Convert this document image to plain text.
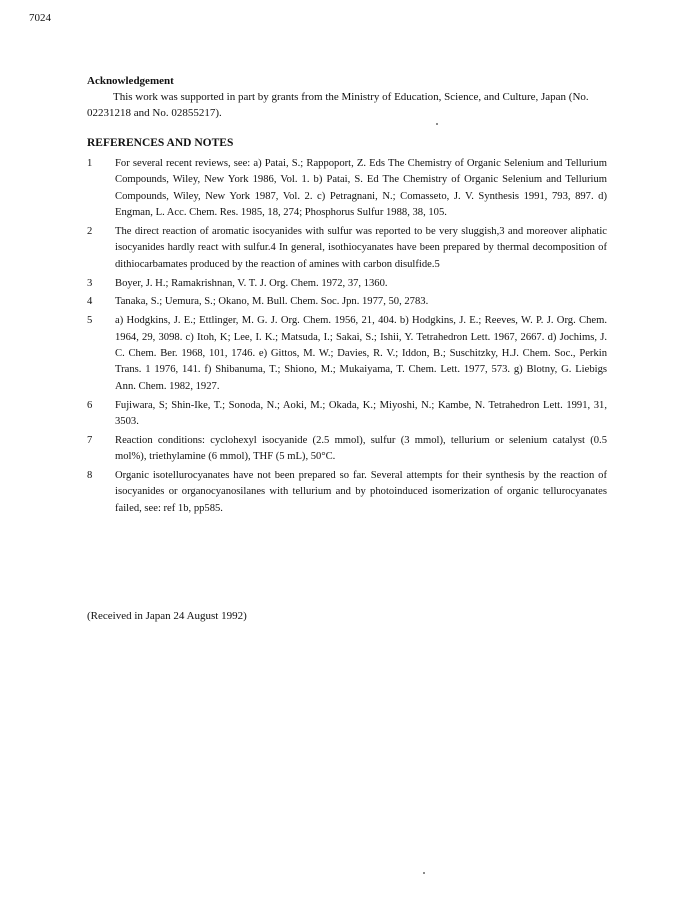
7024
Acknowledgement
This work was supported in part by grants from the Ministry of Education, Science, and Culture, Japan (No. 02231218 and No. 02855217).
REFERENCES AND NOTES
1 For several recent reviews, see: a) Patai, S.; Rappoport, Z. Eds The Chemistry of Organic Selenium and Tellurium Compounds, Wiley, New York 1986, Vol. 1. b) Patai, S. Ed The Chemistry of Organic Selenium and Tellurium Compounds, Wiley, New York 1987, Vol. 2. c) Petragnani, N.; Comasseto, J. V. Synthesis 1991, 793, 897. d) Engman, L. Acc. Chem. Res. 1985, 18, 274; Phosphorus Sulfur 1988, 38, 105.
2 The direct reaction of aromatic isocyanides with sulfur was reported to be very sluggish,3 and moreover aliphatic isocyanides hardly react with sulfur.4 In general, isothiocyanates have been prepared by thermal decomposition of dithiocarbamates produced by the reaction of amines with carbon disulfide.5
3 Boyer, J. H.; Ramakrishnan, V. T. J. Org. Chem. 1972, 37, 1360.
4 Tanaka, S.; Uemura, S.; Okano, M. Bull. Chem. Soc. Jpn. 1977, 50, 2783.
5 a) Hodgkins, J. E.; Ettlinger, M. G. J. Org. Chem. 1956, 21, 404. b) Hodgkins, J. E.; Reeves, W. P. J. Org. Chem. 1964, 29, 3098. c) Itoh, K; Lee, I. K.; Matsuda, I.; Sakai, S.; Ishii, Y. Tetrahedron Lett. 1967, 2667. d) Jochims, J. C. Chem. Ber. 1968, 101, 1746. e) Gittos, M. W.; Davies, R. V.; Iddon, B.; Suschitzky, H.J. Chem. Soc., Perkin Trans. 1 1976, 141. f) Shibanuma, T.; Shiono, M.; Mukaiyama, T. Chem. Lett. 1977, 573. g) Blotny, G. Liebigs Ann. Chem. 1982, 1927.
6 Fujiwara, S; Shin-Ike, T.; Sonoda, N.; Aoki, M.; Okada, K.; Miyoshi, N.; Kambe, N. Tetrahedron Lett. 1991, 31, 3503.
7 Reaction conditions: cyclohexyl isocyanide (2.5 mmol), sulfur (3 mmol), tellurium or selenium catalyst (0.5 mol%), triethylamine (6 mmol), THF (5 mL), 50°C.
8 Organic isotellurocyanates have not been prepared so far. Several attempts for their synthesis by the reaction of isocyanides or organocyanosilanes with tellurium and by photoinduced isomerization of organic tellurocyanates failed, see: ref 1b, pp585.
(Received in Japan 24 August 1992)
